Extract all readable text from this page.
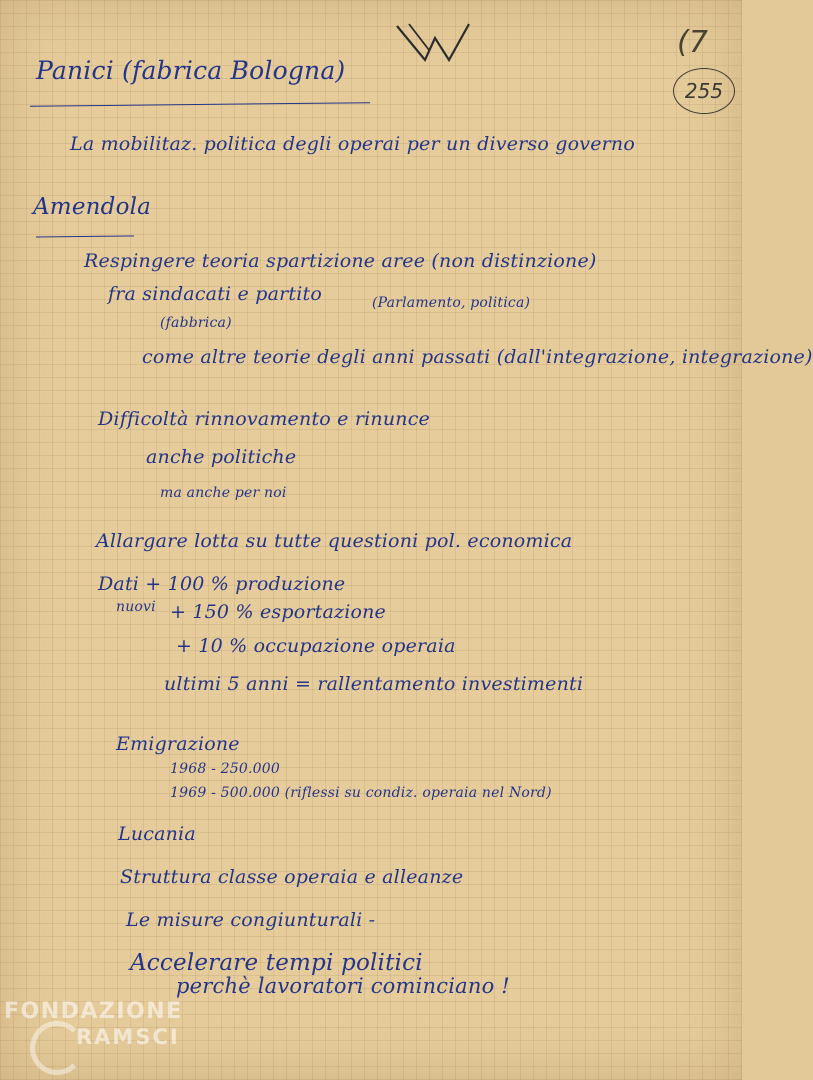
(7

255

Panici (fabrica Bologna)

La mobilitaz. politica degli operai per un diverso governo

Amendola

Respingere teoria spartizione aree (non distinzione)

fra sindacati e partito	(Parlamento, politica)

(fabbrica)

come altre teorie degli anni passati (dall'integrazione, integrazione)

Difficoltà rinnovamento e rinunce

anche politiche

ma anche per noi

Allargare lotta su tutte questioni pol. economica

Dati + 100 % produzione

nuovi + 150 % esportazione

+ 10 % occupazione operaia

ultimi 5 anni = rallentamento investimenti

Emigrazione

1968 - 250.000

1969 - 500.000 (riflessi su condiz. operaia nel Nord)

Lucania

Struttura classe operaia e alleanze

Le misure congiunturali -

Accelerare tempi politici

perchè lavoratori cominciano !

FONDAZIONE

RAMSCI
